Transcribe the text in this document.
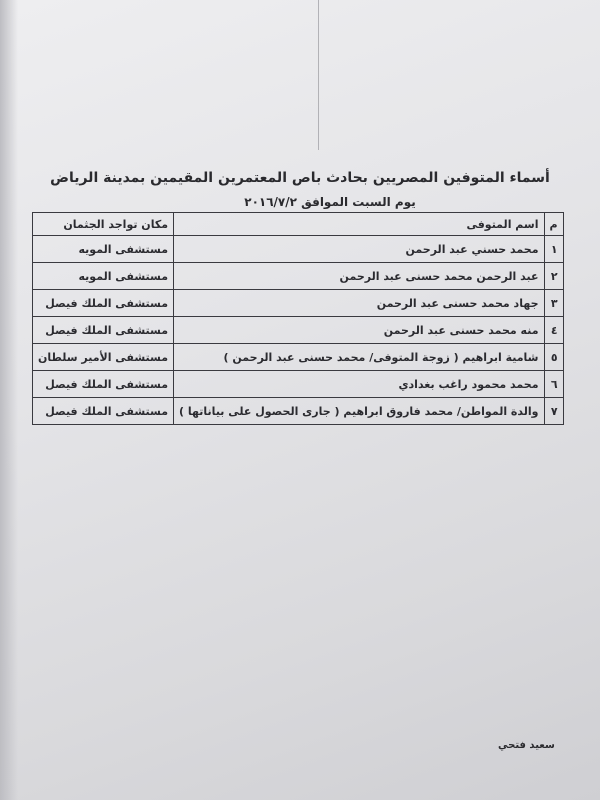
أسماء المتوفين المصريين بحادث باص المعتمرين المقيمين بمدينة الرياض
يوم السبت الموافق ٢٠١٦/٧/٢
م	اسم المتوفى	مكان تواجد الجثمان
١	محمد حسني عبد الرحمن	مستشفى المويه
٢	عبد الرحمن محمد حسنى عبد الرحمن	مستشفى المويه
٣	جهاد محمد حسنى عبد الرحمن	مستشفى الملك فيصل
٤	منه محمد حسنى عبد الرحمن	مستشفى الملك فيصل
٥	شامية ابراهيم ( زوجة المتوفى/ محمد حسنى عبد الرحمن )	مستشفى الأمير سلطان
٦	محمد محمود راغب بغدادي	مستشفى الملك فيصل
٧	والدة المواطن/ محمد فاروق ابراهيم ( جارى الحصول على بياناتها )	مستشفى الملك فيصل
سعيد فتحي
